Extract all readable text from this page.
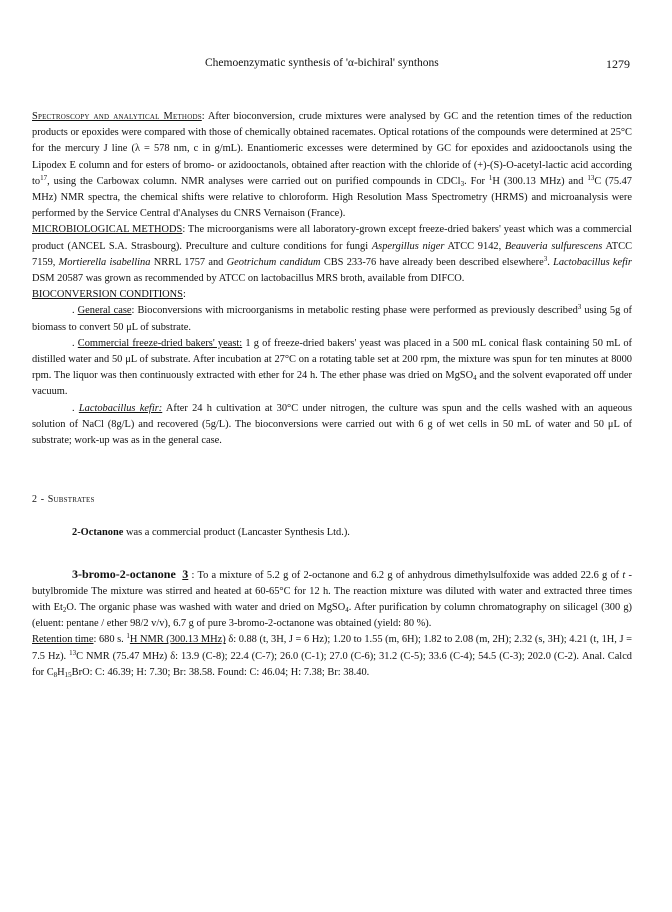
Chemoenzymatic synthesis of 'α-bichiral' synthons	1279

Spectroscopy and analytical Methods: After bioconversion, crude mixtures were analysed by GC and the retention times of the reduction products or epoxides were compared with those of chemically obtained racemates. Optical rotations of the compounds were determined at 25°C for the mercury J line (λ = 578 nm, c in g/mL). Enantiomeric excesses were determined by GC for epoxides and azidooctanols using the Lipodex E column and for esters of bromo- or azidooctanols, obtained after reaction with the chloride of (+)-(S)-O-acetyl-lactic acid according $to^{17}$, using the Carbowax column. NMR analyses were carried out on purified compounds in CDCl$_3$. For $^1$H (300.13 MHz) and $^{13}$C (75.47 MHz) NMR spectra, the chemical shifts were relative to chloroform. High Resolution Mass Spectrometry (HRMS) and microanalysis were performed by the Service Central d'Analyses du CNRS Vernaison (France).

MICROBIOLOGICAL METHODS: The microorganisms were all laboratory-grown except freeze-dried bakers' yeast which was a commercial product (ANCEL S.A. Strasbourg). Preculture and culture conditions for fungi Aspergillus niger ATCC 9142, Beauveria sulfurescens ATCC 7159, Mortierella isabellina NRRL 1757 and Geotrichum candidum CBS 233-76 have already been described elsewhere$^3$. Lactobacillus kefir DSM 20587 was grown as recommended by ATCC on lactobacillus MRS broth, available from DIFCO.

BIOCONVERSION CONDITIONS:

. General case: Bioconversions with microorganisms in metabolic resting phase were performed as previously described$^3$ using 5g of biomass to convert 50 μL of substrate.

. Commercial freeze-dried bakers' yeast: 1 g of freeze-dried bakers' yeast was placed in a 500 mL conical flask containing 50 mL of distilled water and 50 μL of substrate. After incubation at 27°C on a rotating table set at 200 rpm, the mixture was spun for ten minutes at 8000 rpm. The liquor was then continuously extracted with ether for 24 h. The ether phase was dried on MgSO$_4$ and the solvent evaporated off under vacuum.

. Lactobacillus kefir: After 24 h cultivation at 30°C under nitrogen, the culture was spun and the cells washed with an aqueous solution of NaCl (8g/L) and recovered (5g/L). The bioconversions were carried out with 6 g of wet cells in 50 mL of water and 50 μL of substrate; work-up was as in the general case.

2 - Substrates

2-Octanone was a commercial product (Lancaster Synthesis Ltd.).

3-bromo-2-octanone 3 : To a mixture of 5.2 g of 2-octanone and 6.2 g of anhydrous dimethylsulfoxide was added 22.6 g of t -butylbromide The mixture was stirred and heated at 60-65°C for 12 h. The reaction mixture was diluted with water and extracted three times with $Et_2O$. The organic phase was washed with water and dried on MgSO$_4$. After purification by column chromatography on silicagel (300 g) (eluent: pentane / ether 98/2 v/v), 6.7 g of pure 3-bromo-2-octanone was obtained (yield: 80 %).

Retention time: 680 s. $^1$H NMR (300.13 MHz) δ: 0.88 (t, 3H, J = 6 Hz); 1.20 to 1.55 (m, 6H); 1.82 to 2.08 (m, 2H); 2.32 (s, 3H); 4.21 (t, 1H, J = 7.5 Hz). $^{13}$C NMR (75.47 MHz) δ: 13.9 (C-8); 22.4 (C-7); 26.0 (C-1); 27.0 (C-6); 31.2 (C-5); 33.6 (C-4); 54.5 (C-3); 202.0 (C-2). Anal. Calcd for $C_8H_{15}BrO$: C: 46.39; H: 7.30; Br: 38.58. Found: C: 46.04; H: 7.38; Br: 38.40.
